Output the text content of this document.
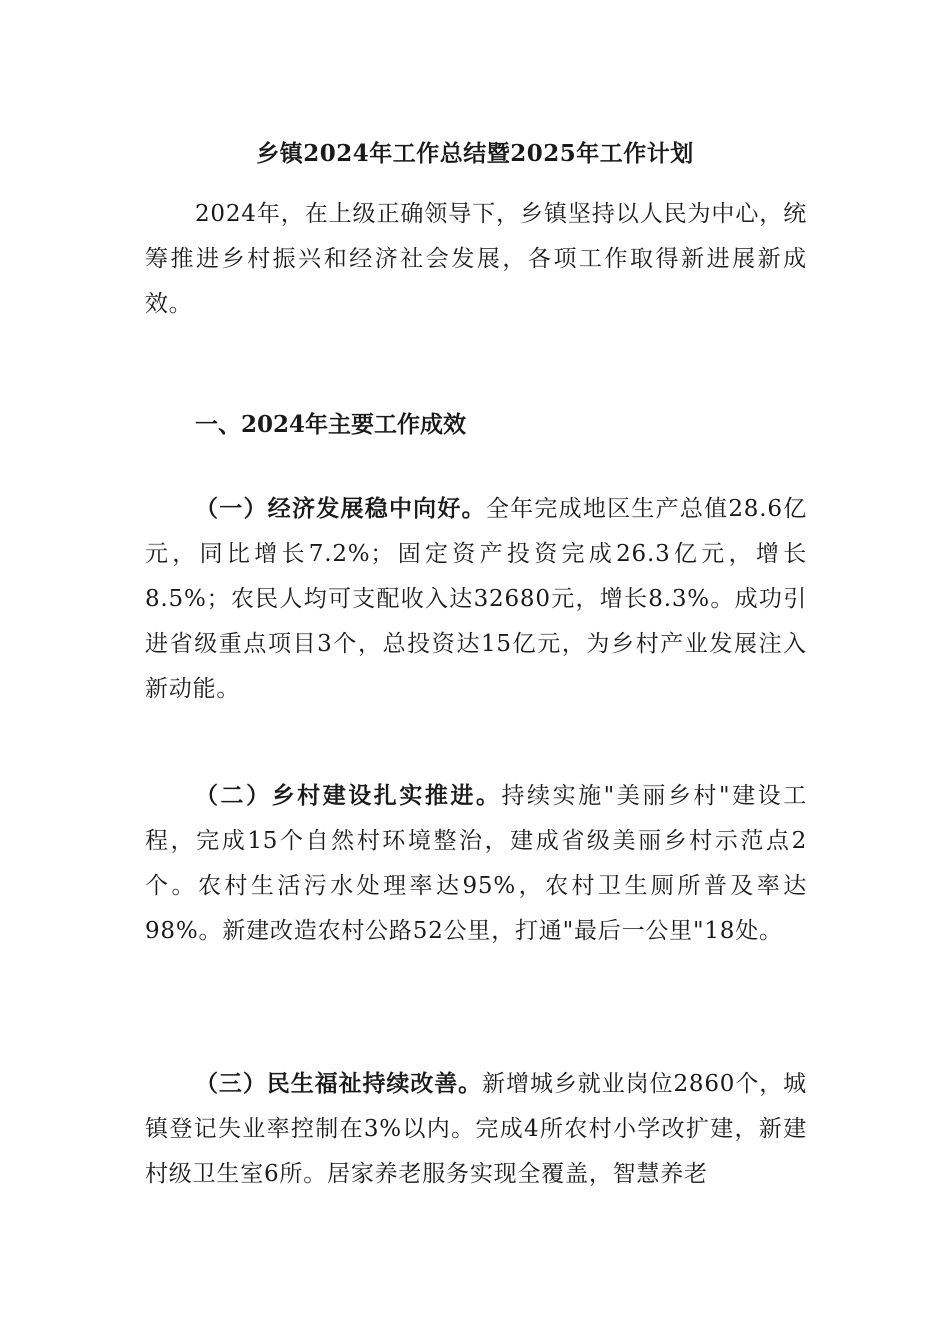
乡镇2024年工作总结暨2025年工作计划

2024年，在上级正确领导下，乡镇坚持以人民为中心，统筹推进乡村振兴和经济社会发展，各项工作取得新进展新成效。

一、2024年主要工作成效

（一）经济发展稳中向好。全年完成地区生产总值28.6亿元，同比增长7.2%；固定资产投资完成26.3亿元，增长8.5%；农民人均可支配收入达32680元，增长8.3%。成功引进省级重点项目3个，总投资达15亿元，为乡村产业发展注入新动能。

（二）乡村建设扎实推进。持续实施"美丽乡村"建设工程，完成15个自然村环境整治，建成省级美丽乡村示范点2个。农村生活污水处理率达95%，农村卫生厕所普及率达98%。新建改造农村公路52公里，打通"最后一公里"18处。

（三）民生福祉持续改善。新增城乡就业岗位2860个，城镇登记失业率控制在3%以内。完成4所农村小学改扩建，新建村级卫生室6所。居家养老服务实现全覆盖，智慧养老
